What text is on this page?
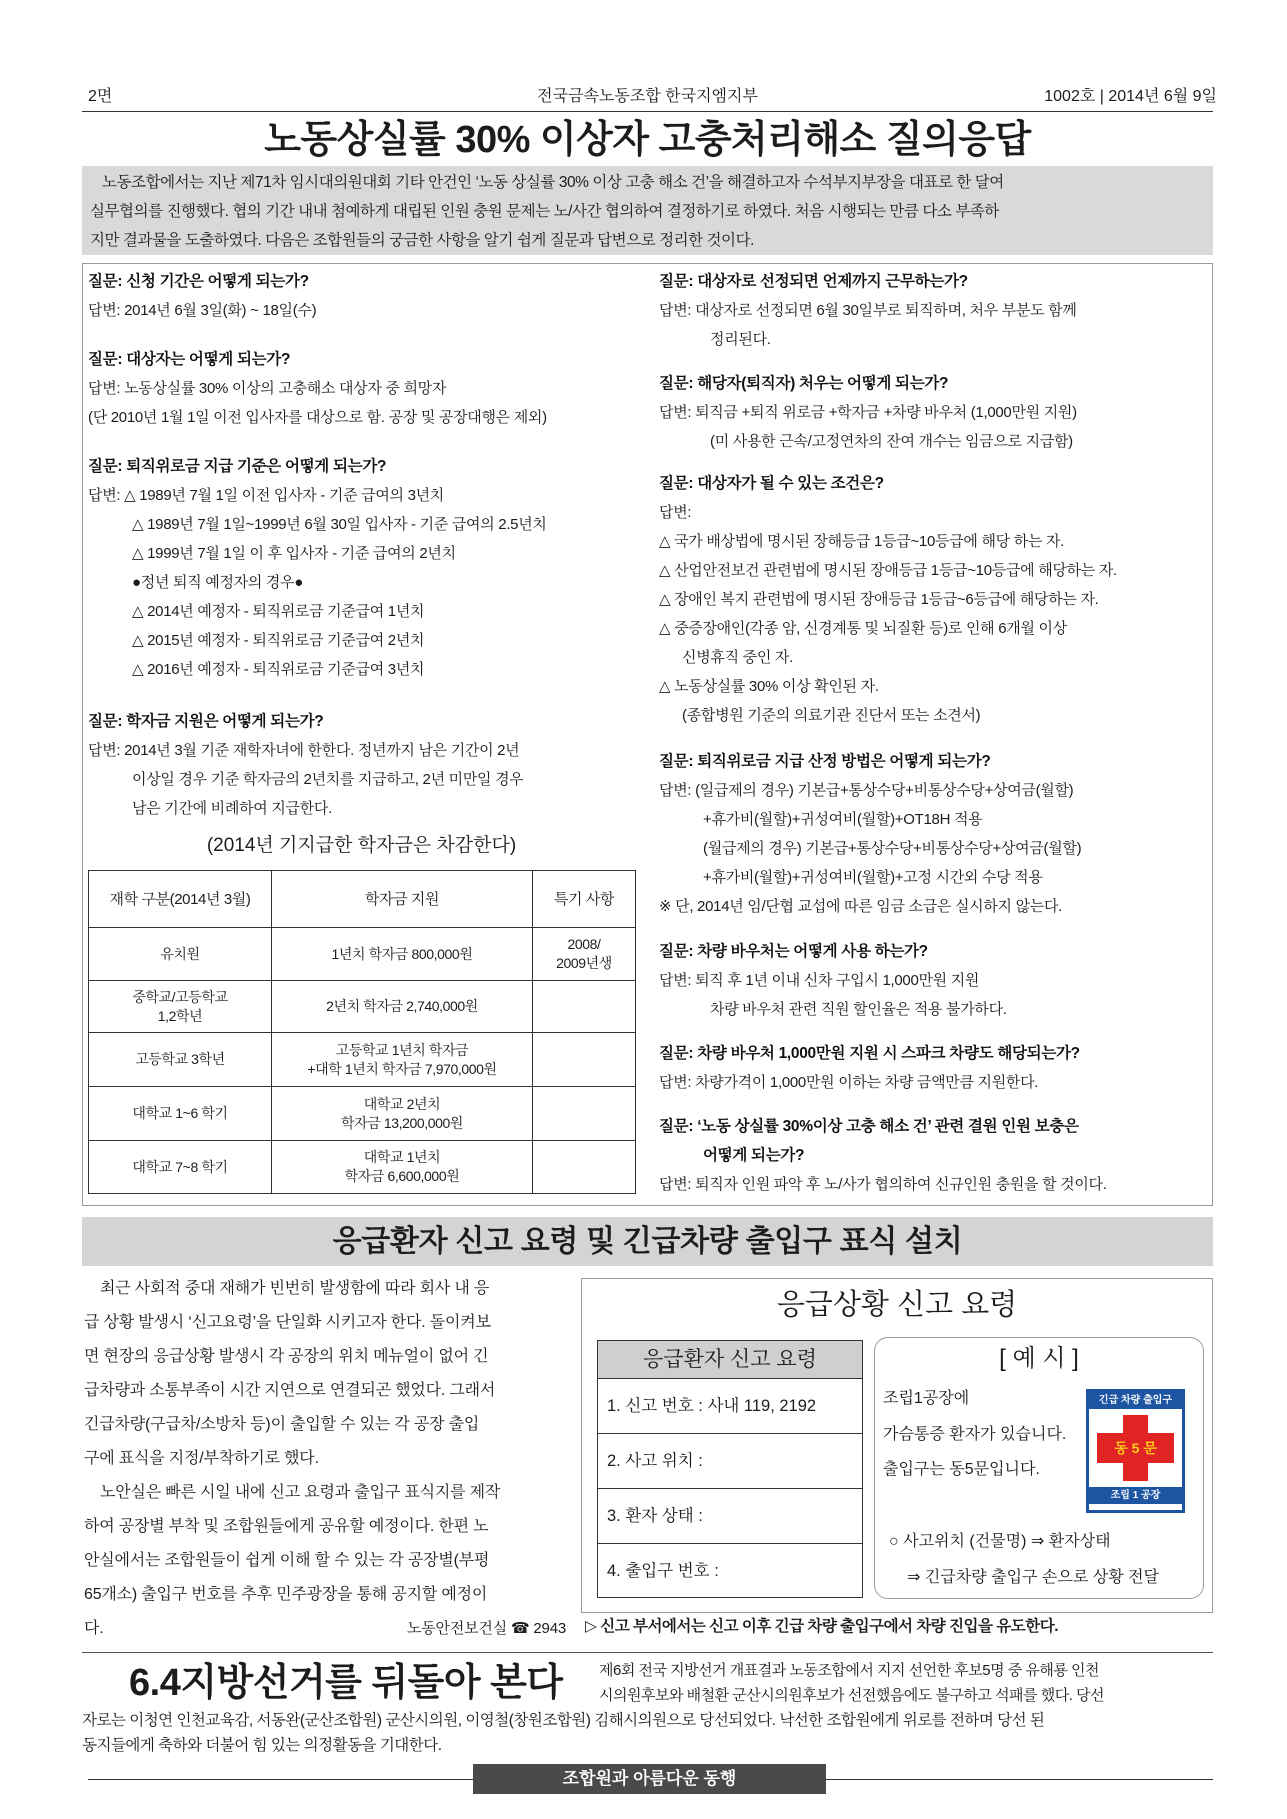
2면	전국금속노동조합 한국지엠지부	1002호 | 2014년 6월 9일
노동상실률 30% 이상자 고충처리해소 질의응답
노동조합에서는 지난 제71차 임시대의원대회 기타 안건인 ‘노동 상실률 30% 이상 고충 해소 건’을 해결하고자 수석부지부장을 대표로 한 달여
실무협의를 진행했다. 협의 기간 내내 첨예하게 대립된 인원 충원 문제는 노/사간 협의하여 결정하기로 하였다. 처음 시행되는 만큼 다소 부족하
지만 결과물을 도출하였다. 다음은 조합원들의 궁금한 사항을 알기 쉽게 질문과 답변으로 정리한 것이다.
질문: 신청 기간은 어떻게 되는가?
답변: 2014년 6월 3일(화) ~ 18일(수)
질문: 대상자는 어떻게 되는가?
답변: 노동상실률 30% 이상의 고충해소 대상자 중 희망자
(단 2010년 1월 1일 이전 입사자를 대상으로 함. 공장 및 공장대행은 제외)
질문: 퇴직위로금 지급 기준은 어떻게 되는가?
답변: △ 1989년 7월 1일 이전 입사자 - 기준 급여의 3년치
△ 1989년 7월 1일~1999년 6월 30일 입사자 - 기준 급여의 2.5년치
△ 1999년 7월 1일 이 후 입사자 - 기준 급여의 2년치
●정년 퇴직 예정자의 경우●
△ 2014년 예정자 - 퇴직위로금 기준급여 1년치
△ 2015년 예정자 - 퇴직위로금 기준급여 2년치
△ 2016년 예정자 - 퇴직위로금 기준급여 3년치
질문: 학자금 지원은 어떻게 되는가?
답변: 2014년 3월 기준 재학자녀에 한한다. 정년까지 남은 기간이 2년
이상일 경우 기준 학자금의 2년치를 지급하고, 2년 미만일 경우
남은 기간에 비례하여 지급한다.
(2014년 기지급한 학자금은 차감한다)
재학 구분(2014년 3월)	학자금 지원	특기 사항
유치원	1년치 학자금 800,000원	2008/
2009년생
중학교/고등학교
1,2학년	2년치 학자금 2,740,000원	
고등학교 3학년	고등학교 1년치 학자금
+대학 1년치 학자금 7,970,000원	
대학교 1~6 학기	대학교 2년치
학자금 13,200,000원	
대학교 7~8 학기	대학교 1년치
학자금 6,600,000원	
질문: 대상자로 선정되면 언제까지 근무하는가?
답변: 대상자로 선정되면 6월 30일부로 퇴직하며, 처우 부분도 함께
정리된다.
질문: 해당자(퇴직자) 처우는 어떻게 되는가?
답변: 퇴직금 +퇴직 위로금 +학자금 +차량 바우처 (1,000만원 지원)
(미 사용한 근속/고정연차의 잔여 개수는 임금으로 지급함)
질문: 대상자가 될 수 있는 조건은?
답변:
△ 국가 배상법에 명시된 장해등급 1등급~10등급에 해당 하는 자.
△ 산업안전보건 관련법에 명시된 장애등급 1등급~10등급에 해당하는 자.
△ 장애인 복지 관련법에 명시된 장애등급 1등급~6등급에 해당하는 자.
△ 중증장애인(각종 암, 신경계통 및 뇌질환 등)로 인해 6개월 이상
신병휴직 중인 자.
△ 노동상실률 30% 이상 확인된 자.
(종합병원 기준의 의료기관 진단서 또는 소견서)
질문: 퇴직위로금 지급 산정 방법은 어떻게 되는가?
답변: (일급제의 경우) 기본급+통상수당+비통상수당+상여금(월할)
+휴가비(월할)+귀성여비(월할)+OT18H 적용
(월급제의 경우) 기본급+통상수당+비통상수당+상여금(월할)
+휴가비(월할)+귀성여비(월할)+고정 시간외 수당 적용
※ 단, 2014년 임/단협 교섭에 따른 임금 소급은 실시하지 않는다.
질문: 차량 바우처는 어떻게 사용 하는가?
답변: 퇴직 후 1년 이내 신차 구입시 1,000만원 지원
차량 바우처 관련 직원 할인율은 적용 불가하다.
질문: 차량 바우처 1,000만원 지원 시 스파크 차량도 해당되는가?
답변: 차량가격이 1,000만원 이하는 차량 금액만큼 지원한다.
질문: ‘노동 상실률 30%이상 고충 해소 건’ 관련 결원 인원 보충은
어떻게 되는가?
답변: 퇴직자 인원 파악 후 노/사가 협의하여 신규인원 충원을 할 것이다.
응급환자 신고 요령 및 긴급차량 출입구 표식 설치
최근 사회적 중대 재해가 빈번히 발생함에 따라 회사 내 응
급 상황 발생시 ‘신고요령’을 단일화 시키고자 한다. 돌이켜보
면 현장의 응급상황 발생시 각 공장의 위치 메뉴얼이 없어 긴
급차량과 소통부족이 시간 지연으로 연결되곤 했었다. 그래서
긴급차량(구급차/소방차 등)이 출입할 수 있는 각 공장 출입
구에 표식을 지정/부착하기로 했다.
노안실은 빠른 시일 내에 신고 요령과 출입구 표식지를 제작
하여 공장별 부착 및 조합원들에게 공유할 예정이다. 한편 노
안실에서는 조합원들이 쉽게 이해 할 수 있는 각 공장별(부평
65개소) 출입구 번호를 추후 민주광장을 통해 공지할 예정이
다.	노동안전보건실 ☎ 2943
응급상황 신고 요령
응급환자 신고 요령
1. 신고 번호 : 사내 119, 2192
2. 사고 위치 :
3. 환자 상태 :
4. 출입구 번호 :
[ 예 시 ]
조립1공장에
가슴통증 환자가 있습니다.
출입구는 동5문입니다.
긴급 차량 출입구
동 5 문
조립 1 공장
○ 사고위치 (건물명) ⇒ 환자상태
⇒ 긴급차량 출입구 손으로 상황 전달
▷ 신고 부서에서는 신고 이후 긴급 차량 출입구에서 차량 진입을 유도한다.
6.4지방선거를 뒤돌아 본다 제6회 전국 지방선거 개표결과 노동조합에서 지지 선언한 후보5명 중 유해룡 인천
시의원후보와 배철환 군산시의원후보가 선전했음에도 불구하고 석패를 했다. 당선
자로는 이청연 인천교육감, 서동완(군산조합원) 군산시의원, 이영철(창원조합원) 김해시의원으로 당선되었다. 낙선한 조합원에게 위로를 전하며 당선 된
동지들에게 축하와 더불어 힘 있는 의정활동을 기대한다.
조합원과 아름다운 동행
